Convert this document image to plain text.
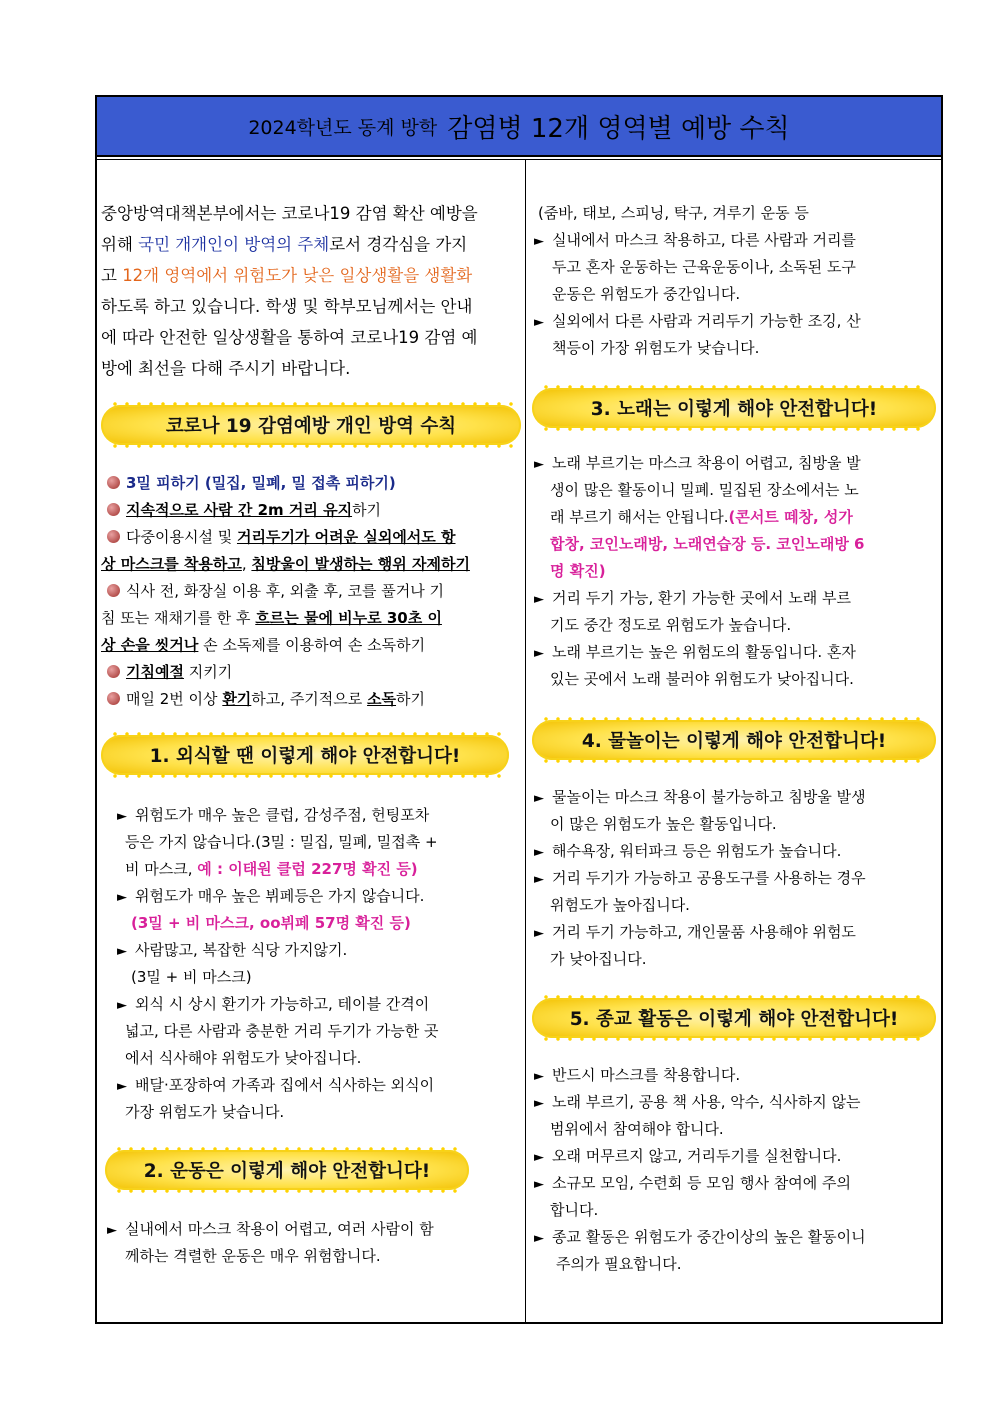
2024학년도 동계 방학 감염병 12개 영역별 예방 수칙

중앙방역대책본부에서는 코로나19 감염 확산 예방을

위해 국민 개개인이 방역의 주체로서 경각심을 가지

고 12개 영역에서 위험도가 낮은 일상생활을 생활화

하도록 하고 있습니다. 학생 및 학부모님께서는 안내

에 따라 안전한 일상생활을 통하여 코로나19 감염 예

방에 최선을 다해 주시기 바랍니다.

코로나 19 감염예방 개인 방역 수칙

3밀 피하기 (밀집, 밀폐, 밀 접촉 피하기)

지속적으로 사람 간 2m 거리 유지하기

다중이용시설 및 거리두기가 어려운 실외에서도 항

상 마스크를 착용하고, 침방울이 발생하는 행위 자제하기

식사 전, 화장실 이용 후, 외출 후, 코를 풀거나 기

침 또는 재채기를 한 후 흐르는 물에 비누로 30초 이

상 손을 씻거나 손 소독제를 이용하여 손 소독하기

기침예절 지키기

매일 2번 이상 환기하고, 주기적으로 소독하기

1. 외식할 땐 이렇게 해야 안전합니다!

► 위험도가 매우 높은 클럽, 감성주점, 헌팅포차

등은 가지 않습니다.(3밀 : 밀집, 밀폐, 밀접촉 +

비 마스크, 예 : 이태원 클럽 227명 확진 등)

► 위험도가 매우 높은 뷔페등은 가지 않습니다.

(3밀 + 비 마스크, oo뷔페 57명 확진 등)

► 사람많고, 복잡한 식당 가지않기.

(3밀 + 비 마스크)

► 외식 시 상시 환기가 가능하고, 테이블 간격이

넓고, 다른 사람과 충분한 거리 두기가 가능한 곳

에서 식사해야 위험도가 낮아집니다.

► 배달·포장하여 가족과 집에서 식사하는 외식이

가장 위험도가 낮습니다.

2. 운동은 이렇게 해야 안전합니다!

► 실내에서 마스크 착용이 어렵고, 여러 사람이 함

께하는 격렬한 운동은 매우 위험합니다.

(줌바, 태보, 스피닝, 탁구, 겨루기 운동 등

► 실내에서 마스크 착용하고, 다른 사람과 거리를

두고 혼자 운동하는 근육운동이나, 소독된 도구

운동은 위험도가 중간입니다.

► 실외에서 다른 사람과 거리두기 가능한 조깅, 산

책등이 가장 위험도가 낮습니다.

3. 노래는 이렇게 해야 안전합니다!

► 노래 부르기는 마스크 착용이 어렵고, 침방울 발

생이 많은 활동이니 밀폐. 밀집된 장소에서는 노

래 부르기 해서는 안됩니다.(콘서트 떼창, 성가

합창, 코인노래방, 노래연습장 등. 코인노래방 6

명 확진)

► 거리 두기 가능, 환기 가능한 곳에서 노래 부르

기도 중간 정도로 위험도가 높습니다.

► 노래 부르기는 높은 위험도의 활동입니다. 혼자

있는 곳에서 노래 불러야 위험도가 낮아집니다.

4. 물놀이는 이렇게 해야 안전합니다!

► 물놀이는 마스크 착용이 불가능하고 침방울 발생

이 많은 위험도가 높은 활동입니다.

► 해수욕장, 워터파크 등은 위험도가 높습니다.

► 거리 두기가 가능하고 공용도구를 사용하는 경우

위험도가 높아집니다.

► 거리 두기 가능하고, 개인물품 사용해야 위험도

가 낮아집니다.

5. 종교 활동은 이렇게 해야 안전합니다!

► 반드시 마스크를 착용합니다.

► 노래 부르기, 공용 책 사용, 악수, 식사하지 않는

범위에서 참여해야 합니다.

► 오래 머무르지 않고, 거리두기를 실천합니다.

► 소규모 모임, 수련회 등 모임 행사 참여에 주의

합니다.

► 종교 활동은 위험도가 중간이상의 높은 활동이니

주의가 필요합니다.
